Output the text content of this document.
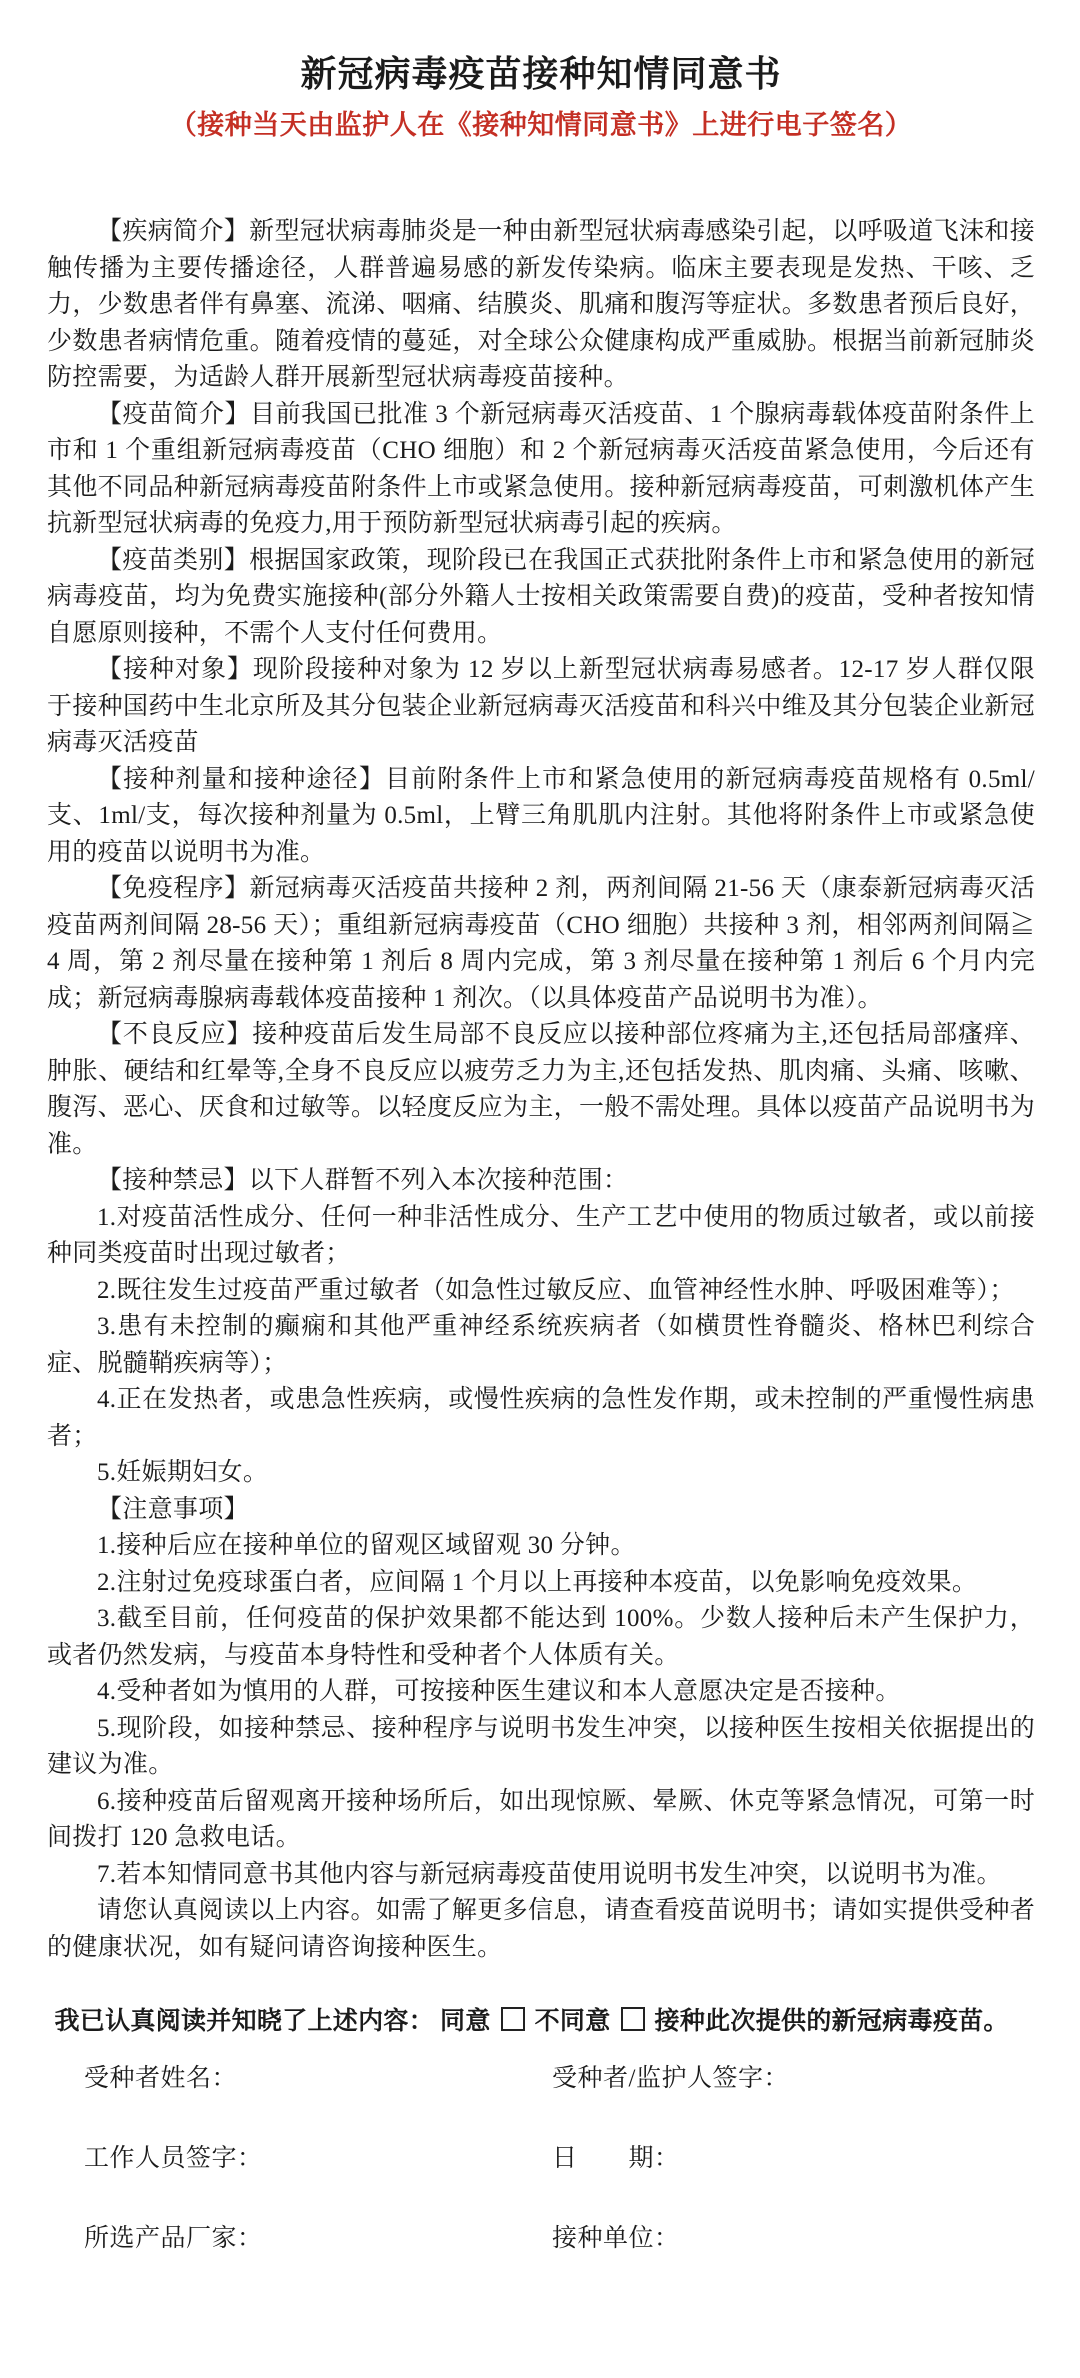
新冠病毒疫苗接种知情同意书

（接种当天由监护人在《接种知情同意书》上进行电子签名）

【疾病简介】新型冠状病毒肺炎是一种由新型冠状病毒感染引起，以呼吸道飞沫和接触传播为主要传播途径，人群普遍易感的新发传染病。临床主要表现是发热、干咳、乏力，少数患者伴有鼻塞、流涕、咽痛、结膜炎、肌痛和腹泻等症状。多数患者预后良好，少数患者病情危重。随着疫情的蔓延，对全球公众健康构成严重威胁。根据当前新冠肺炎防控需要，为适龄人群开展新型冠状病毒疫苗接种。

【疫苗简介】目前我国已批准 3 个新冠病毒灭活疫苗、1 个腺病毒载体疫苗附条件上市和 1 个重组新冠病毒疫苗（CHO 细胞）和 2 个新冠病毒灭活疫苗紧急使用，今后还有其他不同品种新冠病毒疫苗附条件上市或紧急使用。接种新冠病毒疫苗，可刺激机体产生抗新型冠状病毒的免疫力,用于预防新型冠状病毒引起的疾病。

【疫苗类别】根据国家政策，现阶段已在我国正式获批附条件上市和紧急使用的新冠病毒疫苗，均为免费实施接种(部分外籍人士按相关政策需要自费)的疫苗，受种者按知情自愿原则接种，不需个人支付任何费用。

【接种对象】现阶段接种对象为 12 岁以上新型冠状病毒易感者。12-17 岁人群仅限于接种国药中生北京所及其分包装企业新冠病毒灭活疫苗和科兴中维及其分包装企业新冠病毒灭活疫苗

【接种剂量和接种途径】目前附条件上市和紧急使用的新冠病毒疫苗规格有 0.5ml/支、1ml/支，每次接种剂量为 0.5ml，上臂三角肌肌内注射。其他将附条件上市或紧急使用的疫苗以说明书为准。

【免疫程序】新冠病毒灭活疫苗共接种 2 剂，两剂间隔 21-56 天（康泰新冠病毒灭活疫苗两剂间隔 28-56 天）；重组新冠病毒疫苗（CHO 细胞）共接种 3 剂，相邻两剂间隔≧ 4 周，第 2 剂尽量在接种第 1 剂后 8 周内完成，第 3 剂尽量在接种第 1 剂后 6 个月内完成；新冠病毒腺病毒载体疫苗接种 1 剂次。（以具体疫苗产品说明书为准）。

【不良反应】接种疫苗后发生局部不良反应以接种部位疼痛为主,还包括局部瘙痒、肿胀、硬结和红晕等,全身不良反应以疲劳乏力为主,还包括发热、肌肉痛、头痛、咳嗽、腹泻、恶心、厌食和过敏等。以轻度反应为主，一般不需处理。具体以疫苗产品说明书为准。

【接种禁忌】以下人群暂不列入本次接种范围：

1.对疫苗活性成分、任何一种非活性成分、生产工艺中使用的物质过敏者，或以前接种同类疫苗时出现过敏者；

2.既往发生过疫苗严重过敏者（如急性过敏反应、血管神经性水肿、呼吸困难等）；

3.患有未控制的癫痫和其他严重神经系统疾病者（如横贯性脊髓炎、格林巴利综合症、脱髓鞘疾病等）；

4.正在发热者，或患急性疾病，或慢性疾病的急性发作期，或未控制的严重慢性病患者；

5.妊娠期妇女。

【注意事项】

1.接种后应在接种单位的留观区域留观 30 分钟。

2.注射过免疫球蛋白者，应间隔 1 个月以上再接种本疫苗，以免影响免疫效果。

3.截至目前，任何疫苗的保护效果都不能达到 100%。少数人接种后未产生保护力，或者仍然发病，与疫苗本身特性和受种者个人体质有关。

4.受种者如为慎用的人群，可按接种医生建议和本人意愿决定是否接种。

5.现阶段，如接种禁忌、接种程序与说明书发生冲突，以接种医生按相关依据提出的建议为准。

6.接种疫苗后留观离开接种场所后，如出现惊厥、晕厥、休克等紧急情况，可第一时间拨打 120 急救电话。

7.若本知情同意书其他内容与新冠病毒疫苗使用说明书发生冲突，以说明书为准。

请您认真阅读以上内容。如需了解更多信息，请查看疫苗说明书；请如实提供受种者的健康状况，如有疑问请咨询接种医生。

我已认真阅读并知晓了上述内容： 同意 不同意 接种此次提供的新冠病毒疫苗。

受种者姓名：	受种者/监护人签字：
工作人员签字：	日　　期：
所选产品厂家：	接种单位：
